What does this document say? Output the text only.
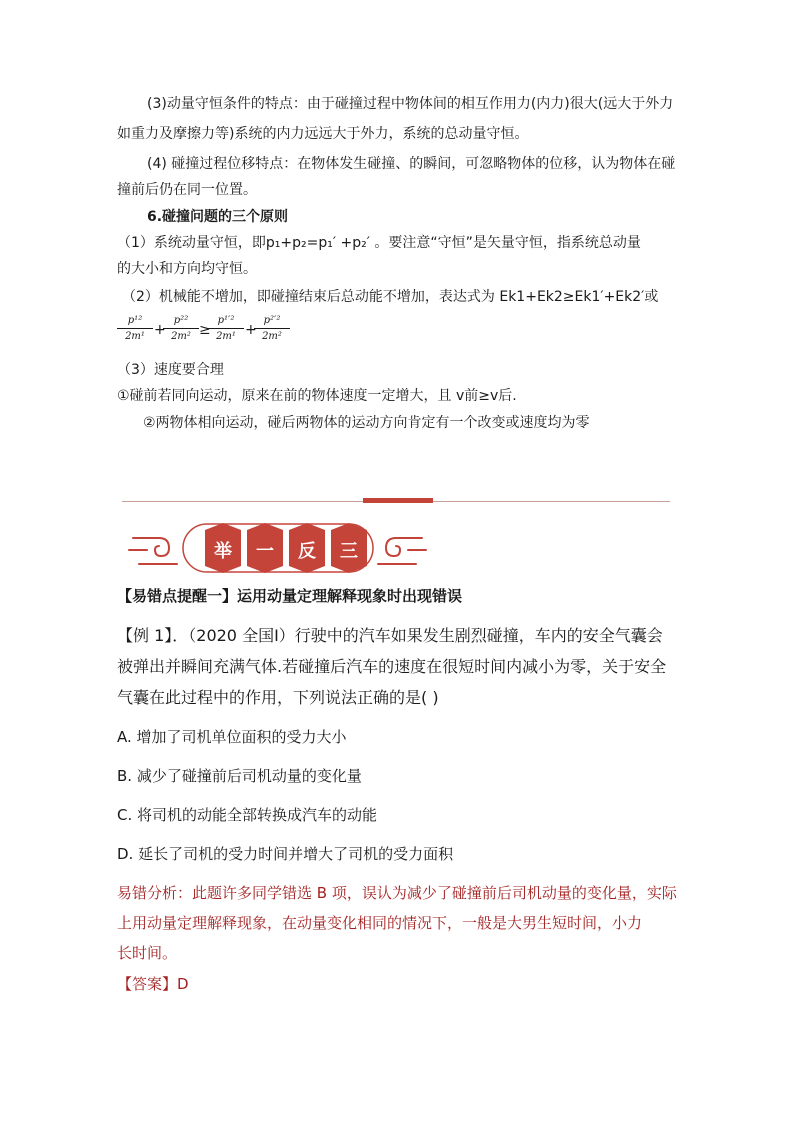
(3)动量守恒条件的特点：由于碰撞过程中物体间的相互作用力(内力)很大(远大于外力
如重力及摩擦力等)系统的内力远远大于外力，系统的总动量守恒。
(4) 碰撞过程位移特点：在物体发生碰撞、的瞬间，可忽略物体的位移，认为物体在碰
撞前后仍在同一位置。
6.碰撞问题的三个原则
（1）系统动量守恒，即p₁+p₂=p₁′ +p₂′ 。要注意“守恒”是矢量守恒，指系统总动量
的大小和方向均守恒。
（2）机械能不增加，即碰撞结束后总动能不增加，表达式为 Ek1+Ek2≥Ek1′+Ek2′或
$\frac{\text{p¹²}}{\text{2m¹}}$ +
$\frac{\text{p²²}}{\text{2m²}}$ ≥
$\frac{\text{p¹′²}}{\text{2m¹}}$ +
$\frac{\text{p²′²}}{\text{2m²}}$
（3）速度要合理
①碰前若同向运动，原来在前的物体速度一定增大，且 v前≥v后.
②两物体相向运动，碰后两物体的运动方向肯定有一个改变或速度均为零
举	一	反	三
【易错点提醒一】运用动量定理解释现象时出现错误
【例 1】．（2020 全国Ⅰ）行驶中的汽车如果发生剧烈碰撞，车内的安全气囊会
被弹出并瞬间充满气体.若碰撞后汽车的速度在很短时间内减小为零，关于安全
气囊在此过程中的作用，下列说法正确的是( )
A. 增加了司机单位面积的受力大小
B. 减少了碰撞前后司机动量的变化量
C. 将司机的动能全部转换成汽车的动能
D. 延长了司机的受力时间并增大了司机的受力面积
易错分析：此题许多同学错选 B 项，误认为减少了碰撞前后司机动量的变化量，实际
上用动量定理解释现象，在动量变化相同的情况下，一般是大男生短时间，小力
长时间。
【答案】D
